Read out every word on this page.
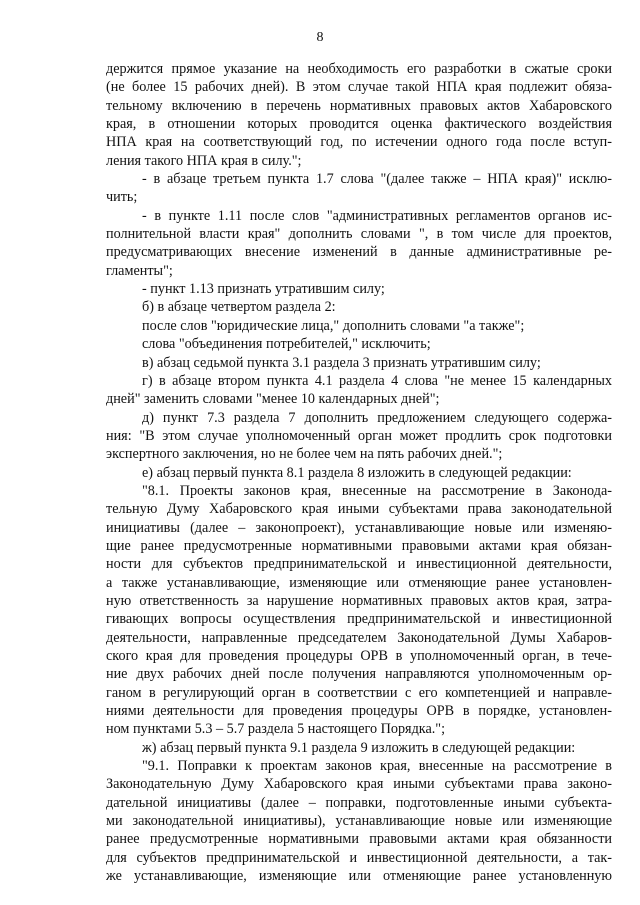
8
держится прямое указание на необходимость его разработки в сжатые сроки
(не более 15 рабочих дней). В этом случае такой НПА края подлежит обяза-
тельному включению в перечень нормативных правовых актов Хабаровского
края, в отношении которых проводится оценка фактического воздействия
НПА края на соответствующий год, по истечении одного года после вступ-
ления такого НПА края в силу.";
- в абзаце третьем пункта 1.7 слова "(далее также – НПА края)" исклю-
чить;
- в пункте 1.11 после слов "административных регламентов органов ис-
полнительной власти края" дополнить словами ", в том числе для проектов,
предусматривающих внесение изменений в данные административные ре-
гламенты";
- пункт 1.13 признать утратившим силу;
б) в абзаце четвертом раздела 2:
после слов "юридические лица," дополнить словами "а также";
слова "объединения потребителей," исключить;
в) абзац седьмой пункта 3.1 раздела 3 признать утратившим силу;
г) в абзаце втором пункта 4.1 раздела 4 слова "не менее 15 календарных
дней" заменить словами "менее 10 календарных дней";
д) пункт 7.3 раздела 7 дополнить предложением следующего содержа-
ния: "В этом случае уполномоченный орган может продлить срок подготовки
экспертного заключения, но не более чем на пять рабочих дней.";
е) абзац первый пункта 8.1 раздела 8 изложить в следующей редакции:
"8.1. Проекты законов края, внесенные на рассмотрение в Законода-
тельную Думу Хабаровского края иными субъектами права законодательной
инициативы (далее – законопроект), устанавливающие новые или изменяю-
щие ранее предусмотренные нормативными правовыми актами края обязан-
ности для субъектов предпринимательской и инвестиционной деятельности,
а также устанавливающие, изменяющие или отменяющие ранее установлен-
ную ответственность за нарушение нормативных правовых актов края, затра-
гивающих вопросы осуществления предпринимательской и инвестиционной
деятельности, направленные председателем Законодательной Думы Хабаров-
ского края для проведения процедуры ОРВ в уполномоченный орган, в тече-
ние двух рабочих дней после получения направляются уполномоченным ор-
ганом в регулирующий орган в соответствии с его компетенцией и направле-
ниями деятельности для проведения процедуры ОРВ в порядке, установлен-
ном пунктами 5.3 – 5.7 раздела 5 настоящего Порядка.";
ж) абзац первый пункта 9.1 раздела 9 изложить в следующей редакции:
"9.1. Поправки к проектам законов края, внесенные на рассмотрение в
Законодательную Думу Хабаровского края иными субъектами права законо-
дательной инициативы (далее – поправки, подготовленные иными субъекта-
ми законодательной инициативы), устанавливающие новые или изменяющие
ранее предусмотренные нормативными правовыми актами края обязанности
для субъектов предпринимательской и инвестиционной деятельности, а так-
же устанавливающие, изменяющие или отменяющие ранее установленную
